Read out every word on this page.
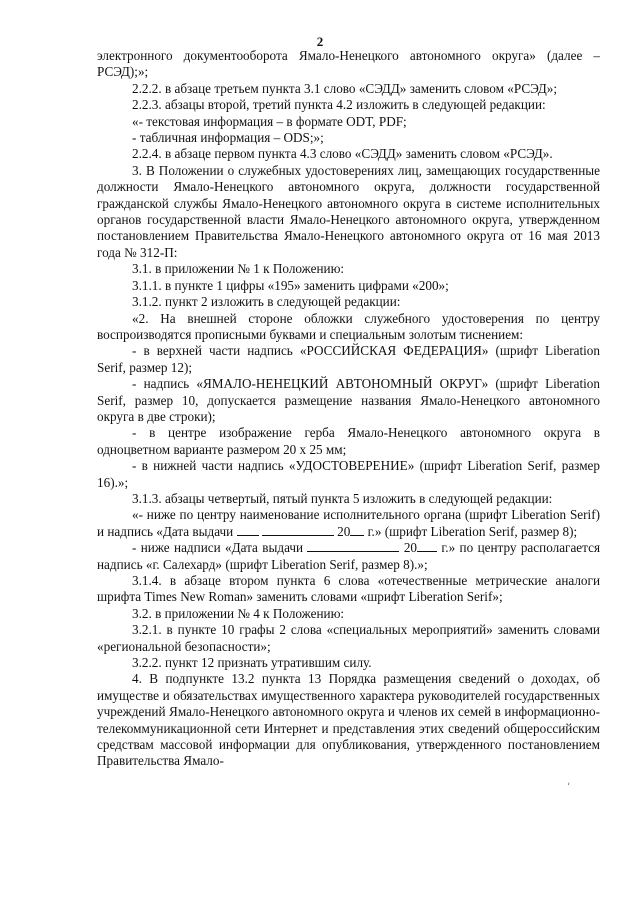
2

электронного документооборота Ямало-Ненецкого автономного округа» (далее – РСЭД);»;

2.2.2. в абзаце третьем пункта 3.1 слово «СЭДД» заменить словом «РСЭД»;

2.2.3. абзацы второй, третий пункта 4.2 изложить в следующей редакции:

«- текстовая информация – в формате ODT, PDF;

- табличная информация – ODS;»;

2.2.4. в абзаце первом пункта 4.3 слово «СЭДД» заменить словом «РСЭД».

3. В Положении о служебных удостоверениях лиц, замещающих государственные должности Ямало-Ненецкого автономного округа, должности государственной гражданской службы Ямало-Ненецкого автономного округа в системе исполнительных органов государственной власти Ямало-Ненецкого автономного округа, утвержденном постановлением Правительства Ямало-Ненецкого автономного округа от 16 мая 2013 года № 312-П:

3.1. в приложении № 1 к Положению:

3.1.1. в пункте 1 цифры «195» заменить цифрами «200»;

3.1.2. пункт 2 изложить в следующей редакции:

«2. На внешней стороне обложки служебного удостоверения по центру воспроизводятся прописными буквами и специальным золотым тиснением:

- в верхней части надпись «РОССИЙСКАЯ ФЕДЕРАЦИЯ» (шрифт Liberation Serif, размер 12);

- надпись «ЯМАЛО-НЕНЕЦКИЙ АВТОНОМНЫЙ ОКРУГ» (шрифт Liberation Serif, размер 10, допускается размещение названия Ямало-Ненецкого автономного округа в две строки);

- в центре изображение герба Ямало-Ненецкого автономного округа в одноцветном варианте размером 20 х 25 мм;

- в нижней части надпись «УДОСТОВЕРЕНИЕ» (шрифт Liberation Serif, размер 16).»;

3.1.3. абзацы четвертый, пятый пункта 5 изложить в следующей редакции:

«- ниже по центру наименование исполнительного органа (шрифт Liberation Serif) и надпись «Дата выдачи	20 г.» (шрифт Liberation Serif, размер 8);

- ниже надписи «Дата выдачи	20 г.» по центру располагается надпись «г. Салехард» (шрифт Liberation Serif, размер 8).»;

3.1.4. в абзаце втором пункта 6 слова «отечественные метрические аналоги шрифта Times New Roman» заменить словами «шрифт Liberation Serif»;

3.2. в приложении № 4 к Положению:

3.2.1. в пункте 10 графы 2 слова «специальных мероприятий» заменить словами «региональной безопасности»;

3.2.2. пункт 12 признать утратившим силу.

4. В подпункте 13.2 пункта 13 Порядка размещения сведений о доходах, об имуществе и обязательствах имущественного характера руководителей государственных учреждений Ямало-Ненецкого автономного округа и членов их семей в информационно-телекоммуникационной сети Интернет и представления этих сведений общероссийским средствам массовой информации для опубликования, утвержденного постановлением Правительства Ямало-

ʻ
